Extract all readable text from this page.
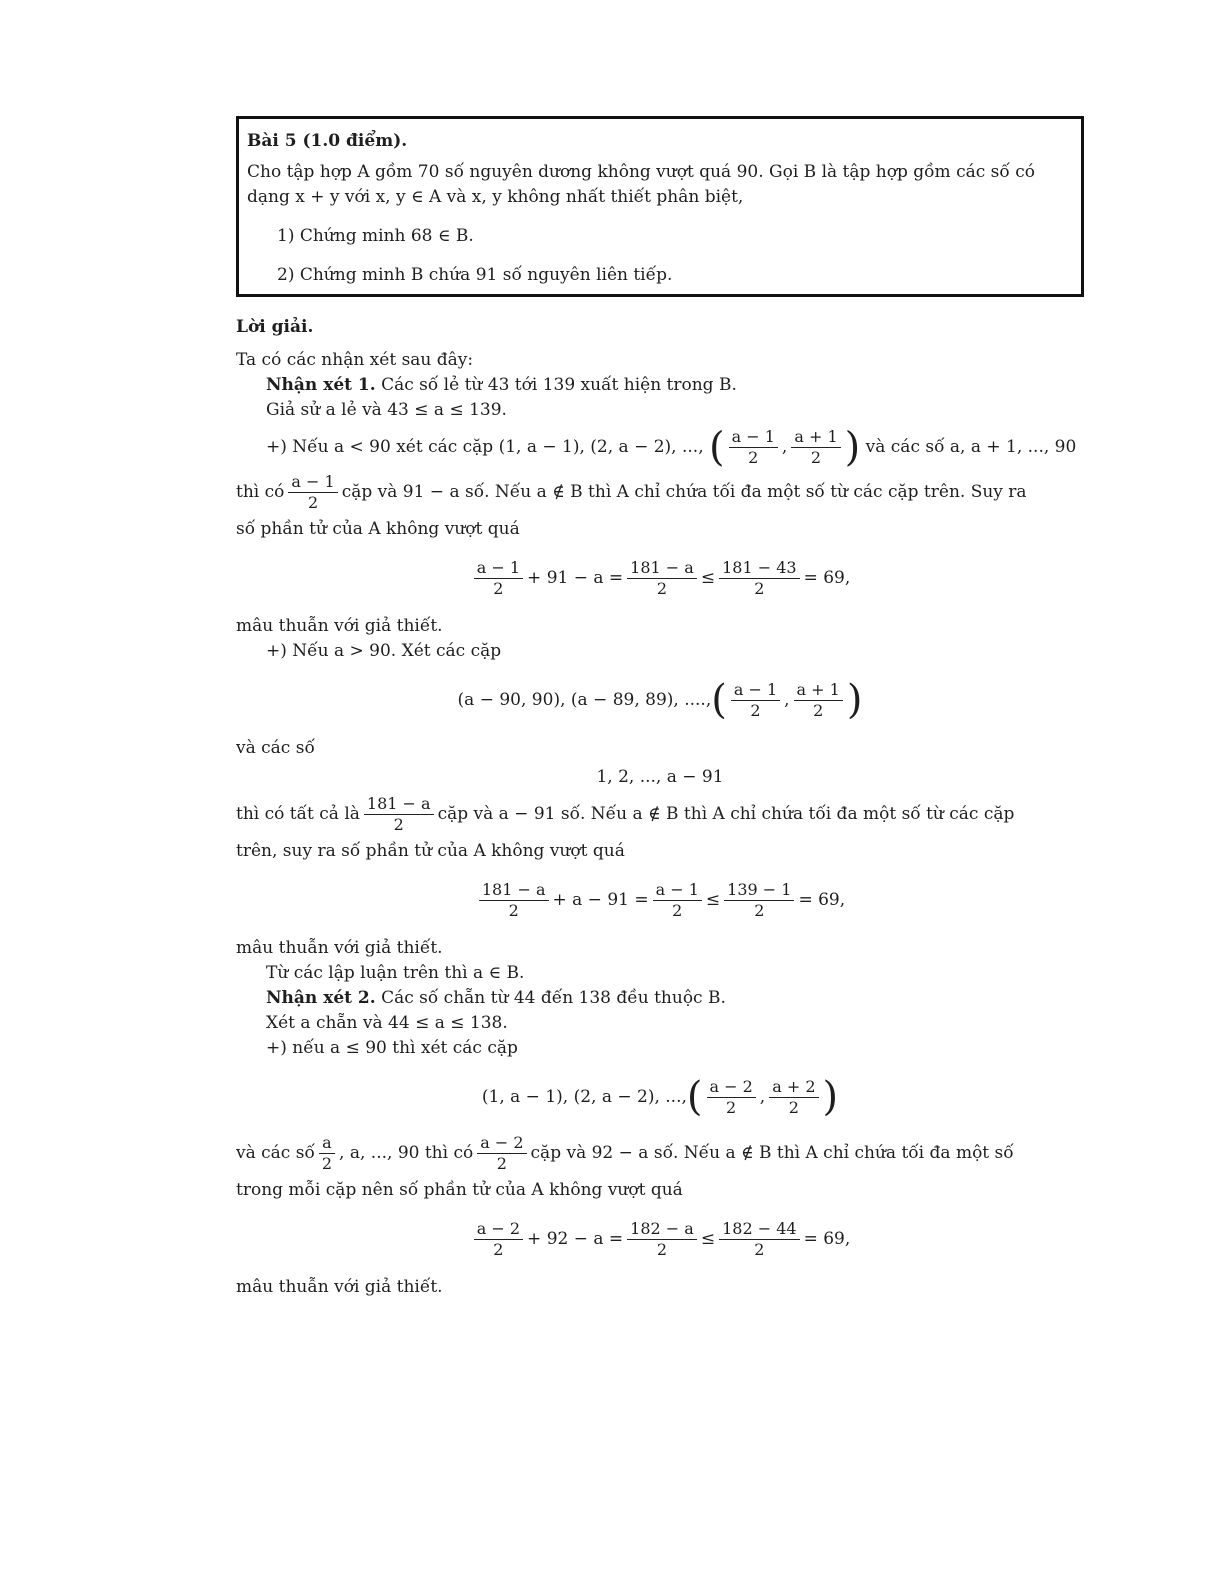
Bài 5 (1.0 điểm).

Cho tập hợp A gồm 70 số nguyên dương không vượt quá 90. Gọi B là tập hợp gồm các số có dạng x + y với x, y ∈ A và x, y không nhất thiết phân biệt,

1) Chứng minh 68 ∈ B.

2) Chứng minh B chứa 91 số nguyên liên tiếp.

Lời giải.

Ta có các nhận xét sau đây:

Nhận xét 1. Các số lẻ từ 43 tới 139 xuất hiện trong B.

Giả sử a lẻ và 43 ≤ a ≤ 139.

+) Nếu a < 90 xét các cặp (1, a − 1), (2, a − 2), ..., ( $\frac{a - 1}{2}$ , $\frac{a + 1}{2}$ ) và các số a, a + 1, ..., 90

thì có $\frac{a - 1}{2}$ cặp và 91 − a số. Nếu a ∉ B thì A chỉ chứa tối đa một số từ các cặp trên. Suy ra

số phần tử của A không vượt quá

$\frac{a - 1}{2} + 91 - a = \frac{181 - a}{2} \le \frac{181 - 43}{2} = 69$,

mâu thuẫn với giả thiết.

+) Nếu a > 90. Xét các cặp

(a − 90, 90), (a − 89, 89), ...., ( $\frac{a - 1}{2}$ , $\frac{a + 1}{2}$ )

và các số

1, 2, ..., a − 91

thì có tất cả là $\frac{181 - a}{2}$ cặp và a − 91 số. Nếu a ∉ B thì A chỉ chứa tối đa một số từ các cặp

trên, suy ra số phần tử của A không vượt quá

$\frac{181 - a}{2} + a - 91 = \frac{a - 1}{2} \le \frac{139 - 1}{2} = 69$,

mâu thuẫn với giả thiết.

Từ các lập luận trên thì a ∈ B.

Nhận xét 2. Các số chẵn từ 44 đến 138 đều thuộc B.

Xét a chẵn và 44 ≤ a ≤ 138.

+) nếu a ≤ 90 thì xét các cặp

(1, a − 1), (2, a − 2), ..., ( $\frac{a - 2}{2}$ , $\frac{a + 2}{2}$ )

và các số $\frac{a}{2}$ , a, ..., 90 thì có $\frac{a - 2}{2}$ cặp và 92 − a số. Nếu a ∉ B thì A chỉ chứa tối đa một số

trong mỗi cặp nên số phần tử của A không vượt quá

$\frac{a - 2}{2} + 92 - a = \frac{182 - a}{2} \le \frac{182 - 44}{2} = 69$,

mâu thuẫn với giả thiết.
